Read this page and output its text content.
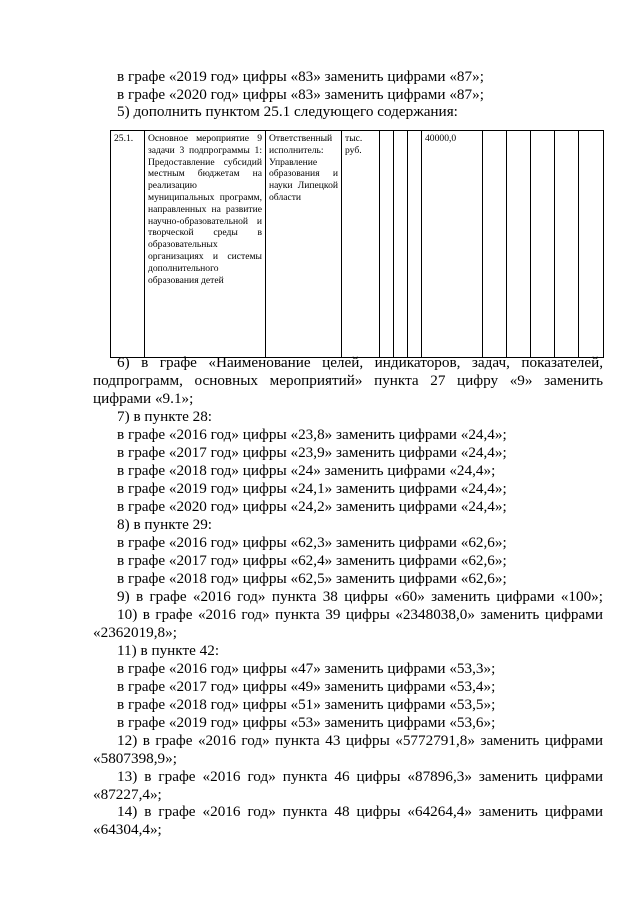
в графе «2019 год» цифры «83» заменить цифрами «87»;
в графе «2020 год» цифры «83» заменить цифрами «87»;
5) дополнить пунктом 25.1 следующего содержания:
25.1.	Основное мероприятие 9 задачи 3 подпрограммы 1: Предоставление субсидий местным бюджетам на реализацию муниципальных программ, направленных на развитие научно-образовательной и творческой среды в образовательных организациях и системы дополнительного образования детей	Ответственный исполнитель: Управление образования и науки Липецкой области	тыс. руб.				40000,0					
6) в графе «Наименование целей, индикаторов, задач, показателей, подпрограмм, основных мероприятий» пункта 27 цифру «9» заменить цифрами «9.1»;
7) в пункте 28:
в графе «2016 год» цифры «23,8» заменить цифрами «24,4»;
в графе «2017 год» цифры «23,9» заменить цифрами «24,4»;
в графе «2018 год» цифры «24» заменить цифрами «24,4»;
в графе «2019 год» цифры «24,1» заменить цифрами «24,4»;
в графе «2020 год» цифры «24,2» заменить цифрами «24,4»;
8) в пункте 29:
в графе «2016 год» цифры «62,3» заменить цифрами «62,6»;
в графе «2017 год» цифры «62,4» заменить цифрами «62,6»;
в графе «2018 год» цифры «62,5» заменить цифрами «62,6»;
9) в графе «2016 год» пункта 38 цифры «60» заменить цифрами «100»;
10) в графе «2016 год» пункта 39 цифры «2348038,0» заменить цифрами «2362019,8»;
11) в пункте 42:
в графе «2016 год» цифры «47» заменить цифрами «53,3»;
в графе «2017 год» цифры «49» заменить цифрами «53,4»;
в графе «2018 год» цифры «51» заменить цифрами «53,5»;
в графе «2019 год» цифры «53» заменить цифрами «53,6»;
12) в графе «2016 год» пункта 43 цифры «5772791,8» заменить цифрами «5807398,9»;
13) в графе «2016 год» пункта 46 цифры «87896,3» заменить цифрами «87227,4»;
14) в графе «2016 год» пункта 48 цифры «64264,4» заменить цифрами «64304,4»;
